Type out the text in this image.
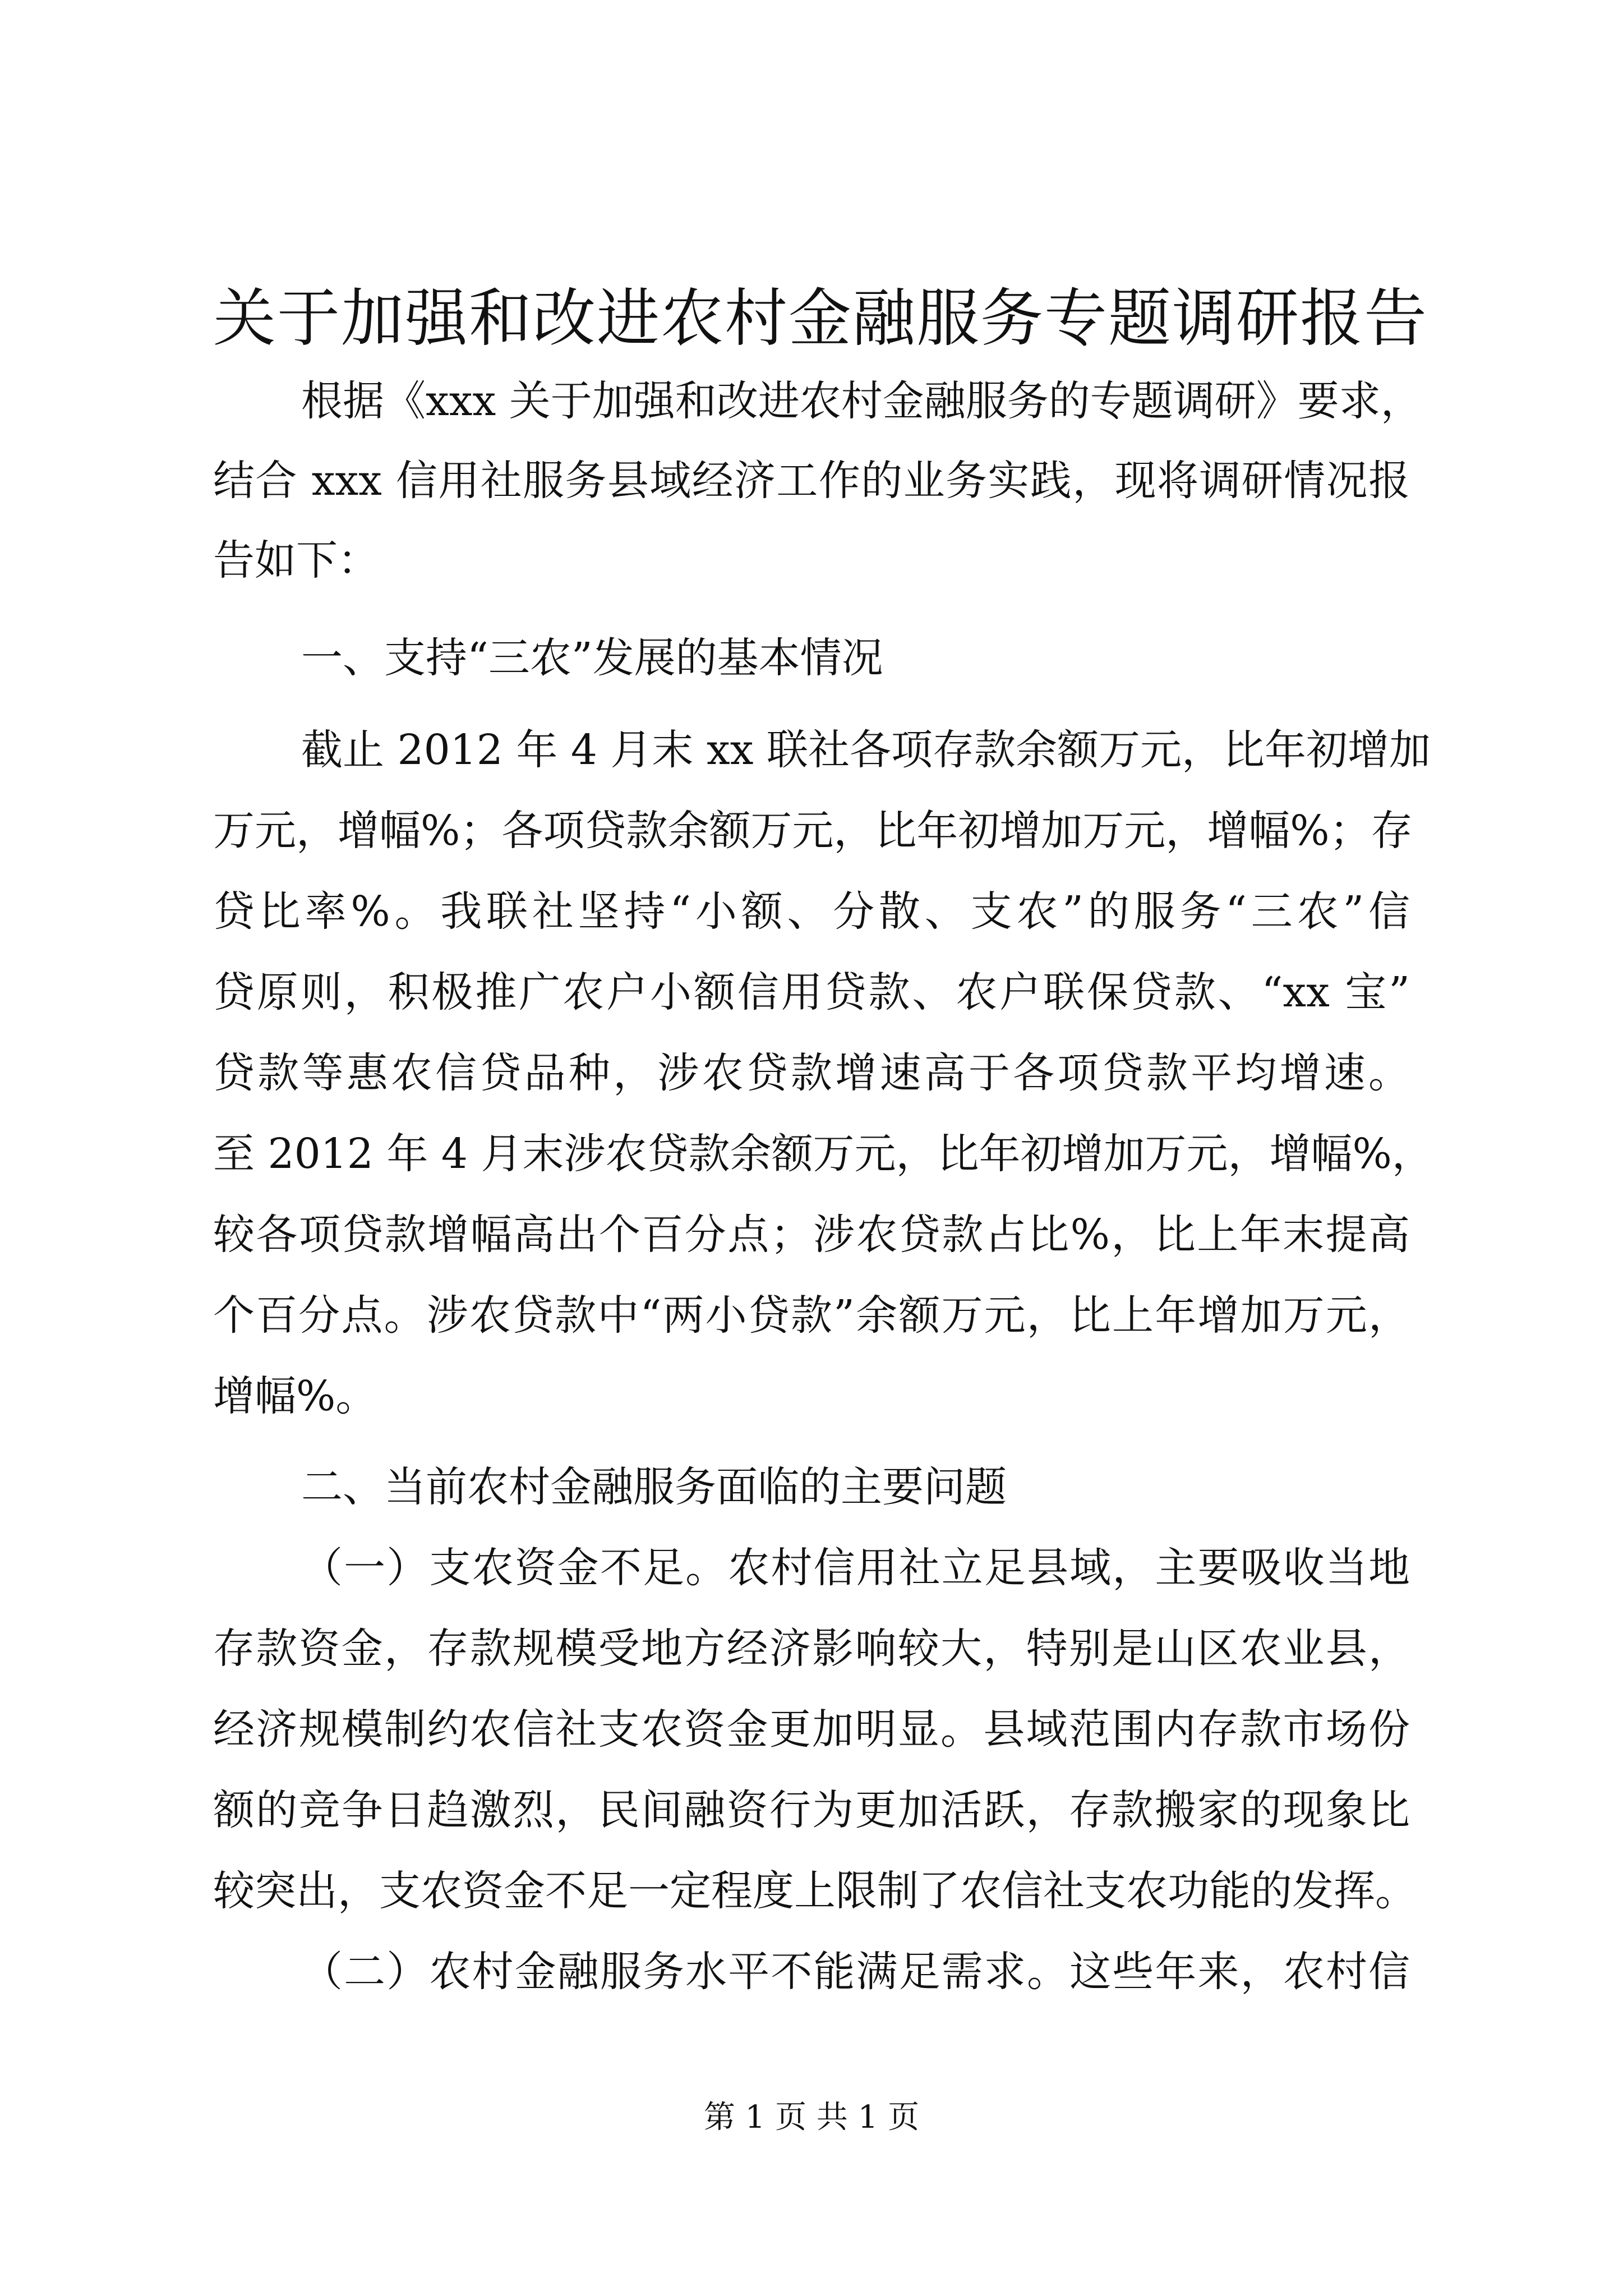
关于加强和改进农村金融服务专题调研报告
根据《xxx 关于加强和改进农村金融服务的专题调研》要求，
结合 xxx 信用社服务县域经济工作的业务实践，现将调研情况报
告如下：
一、支持“三农”发展的基本情况
截止 2012 年 4 月末 xx 联社各项存款余额万元，比年初增加
万元，增幅%；各项贷款余额万元，比年初增加万元，增幅%；存
贷比率%。我联社坚持“小额、分散、支农”的服务“三农”信
贷原则，积极推广农户小额信用贷款、农户联保贷款、“xx 宝”
贷款等惠农信贷品种，涉农贷款增速高于各项贷款平均增速。
至 2012 年 4 月末涉农贷款余额万元，比年初增加万元，增幅%，
较各项贷款增幅高出个百分点；涉农贷款占比%，比上年末提高
个百分点。涉农贷款中“两小贷款”余额万元，比上年增加万元，
增幅%。
二、当前农村金融服务面临的主要问题
（一）支农资金不足。农村信用社立足县域，主要吸收当地
存款资金，存款规模受地方经济影响较大，特别是山区农业县，
经济规模制约农信社支农资金更加明显。县域范围内存款市场份
额的竞争日趋激烈，民间融资行为更加活跃，存款搬家的现象比
较突出，支农资金不足一定程度上限制了农信社支农功能的发挥。
（二）农村金融服务水平不能满足需求。这些年来，农村信
第 1 页 共 1 页
